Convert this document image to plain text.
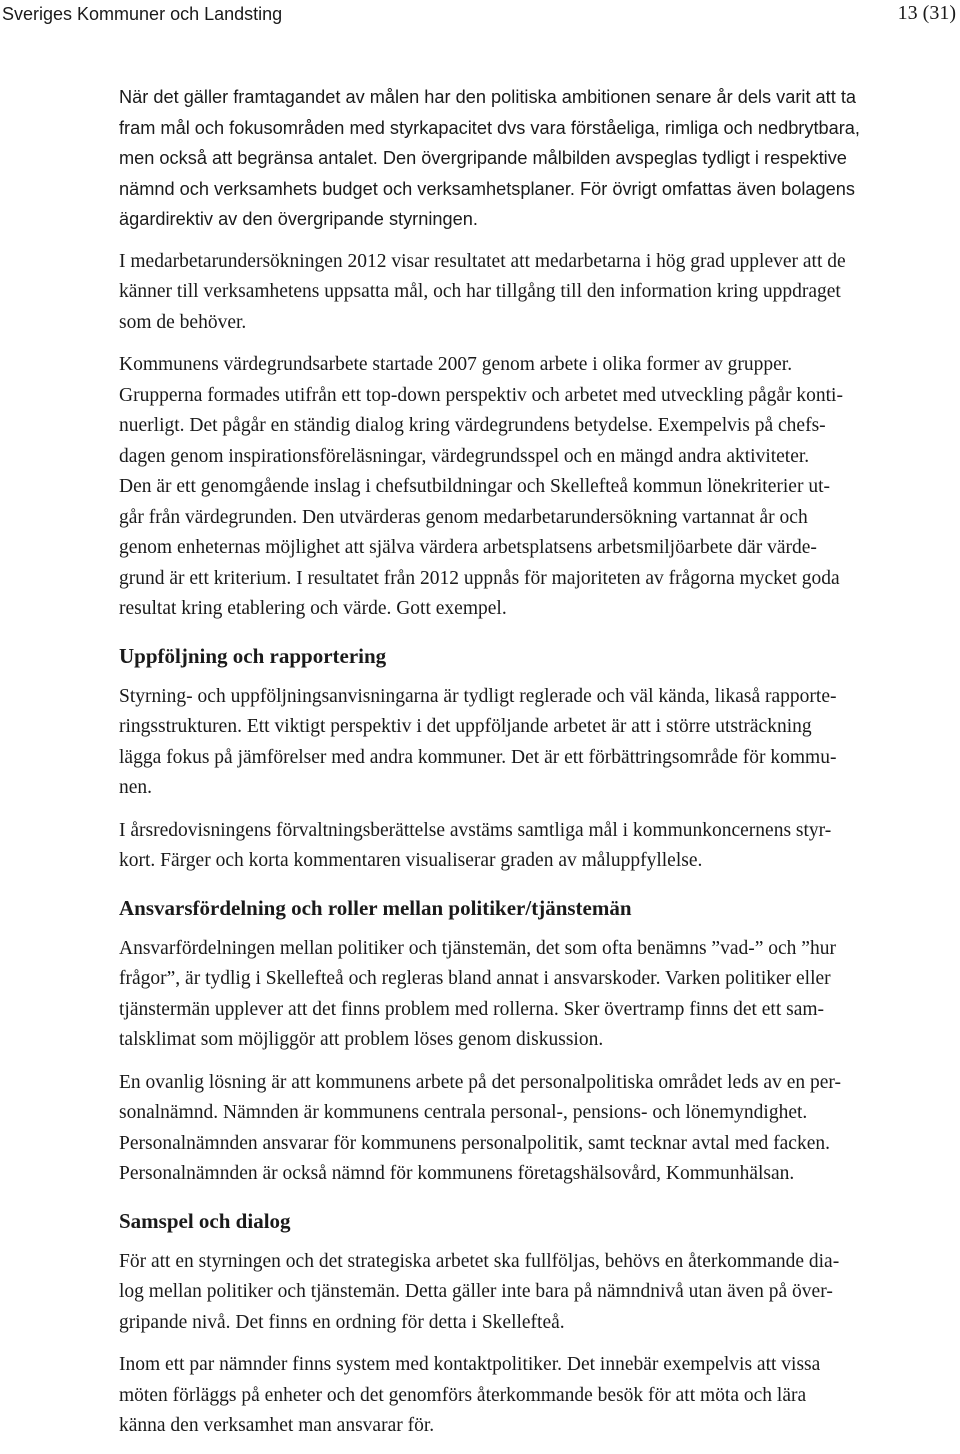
Sveriges Kommuner och Landsting	13 (31)

När det gäller framtagandet av målen har den politiska ambitionen senare år dels varit att ta
fram mål och fokusområden med styrkapacitet dvs vara förståeliga, rimliga och nedbrytbara,
men också att begränsa antalet. Den övergripande målbilden avspeglas tydligt i respektive
nämnd och verksamhets budget och verksamhetsplaner. För övrigt omfattas även bolagens
ägardirektiv av den övergripande styrningen.

I medarbetarundersökningen 2012 visar resultatet att medarbetarna i hög grad upplever att de
känner till verksamhetens uppsatta mål, och har tillgång till den information kring uppdraget
som de behöver.

Kommunens värdegrundsarbete startade 2007 genom arbete i olika former av grupper.
Grupperna formades utifrån ett top-down perspektiv och arbetet med utveckling pågår konti-
nuerligt. Det pågår en ständig dialog kring värdegrundens betydelse. Exempelvis på chefs-
dagen genom inspirationsföreläsningar, värdegrundsspel och en mängd andra aktiviteter.
Den är ett genomgående inslag i chefsutbildningar och Skellefteå kommun lönekriterier ut-
går från värdegrunden. Den utvärderas genom medarbetarundersökning vartannat år och
genom enheternas möjlighet att själva värdera arbetsplatsens arbetsmiljöarbete där värde-
grund är ett kriterium. I resultatet från 2012 uppnås för majoriteten av frågorna mycket goda
resultat kring etablering och värde. Gott exempel.

Uppföljning och rapportering

Styrning- och uppföljningsanvisningarna är tydligt reglerade och väl kända, likaså rapporte-
ringsstrukturen. Ett viktigt perspektiv i det uppföljande arbetet är att i större utsträckning
lägga fokus på jämförelser med andra kommuner. Det är ett förbättringsområde för kommu-
nen.

I årsredovisningens förvaltningsberättelse avstäms samtliga mål i kommunkoncernens styr-
kort. Färger och korta kommentaren visualiserar graden av måluppfyllelse.

Ansvarsfördelning och roller mellan politiker/tjänstemän

Ansvarfördelningen mellan politiker och tjänstemän, det som ofta benämns ”vad-” och ”hur
frågor”, är tydlig i Skellefteå och regleras bland annat i ansvarskoder. Varken politiker eller
tjänstermän upplever att det finns problem med rollerna. Sker övertramp finns det ett sam-
talsklimat som möjliggör att problem löses genom diskussion.

En ovanlig lösning är att kommunens arbete på det personalpolitiska området leds av en per-
sonalnämnd. Nämnden är kommunens centrala personal-, pensions- och lönemyndighet.
Personalnämnden ansvarar för kommunens personalpolitik, samt tecknar avtal med facken.
Personalnämnden är också nämnd för kommunens företagshälsovård, Kommunhälsan.

Samspel och dialog

För att en styrningen och det strategiska arbetet ska fullföljas, behövs en återkommande dia-
log mellan politiker och tjänstemän. Detta gäller inte bara på nämndnivå utan även på över-
gripande nivå. Det finns en ordning för detta i Skellefteå.

Inom ett par nämnder finns system med kontaktpolitiker. Det innebär exempelvis att vissa
möten förläggs på enheter och det genomförs återkommande besök för att möta och lära
känna den verksamhet man ansvarar för.
